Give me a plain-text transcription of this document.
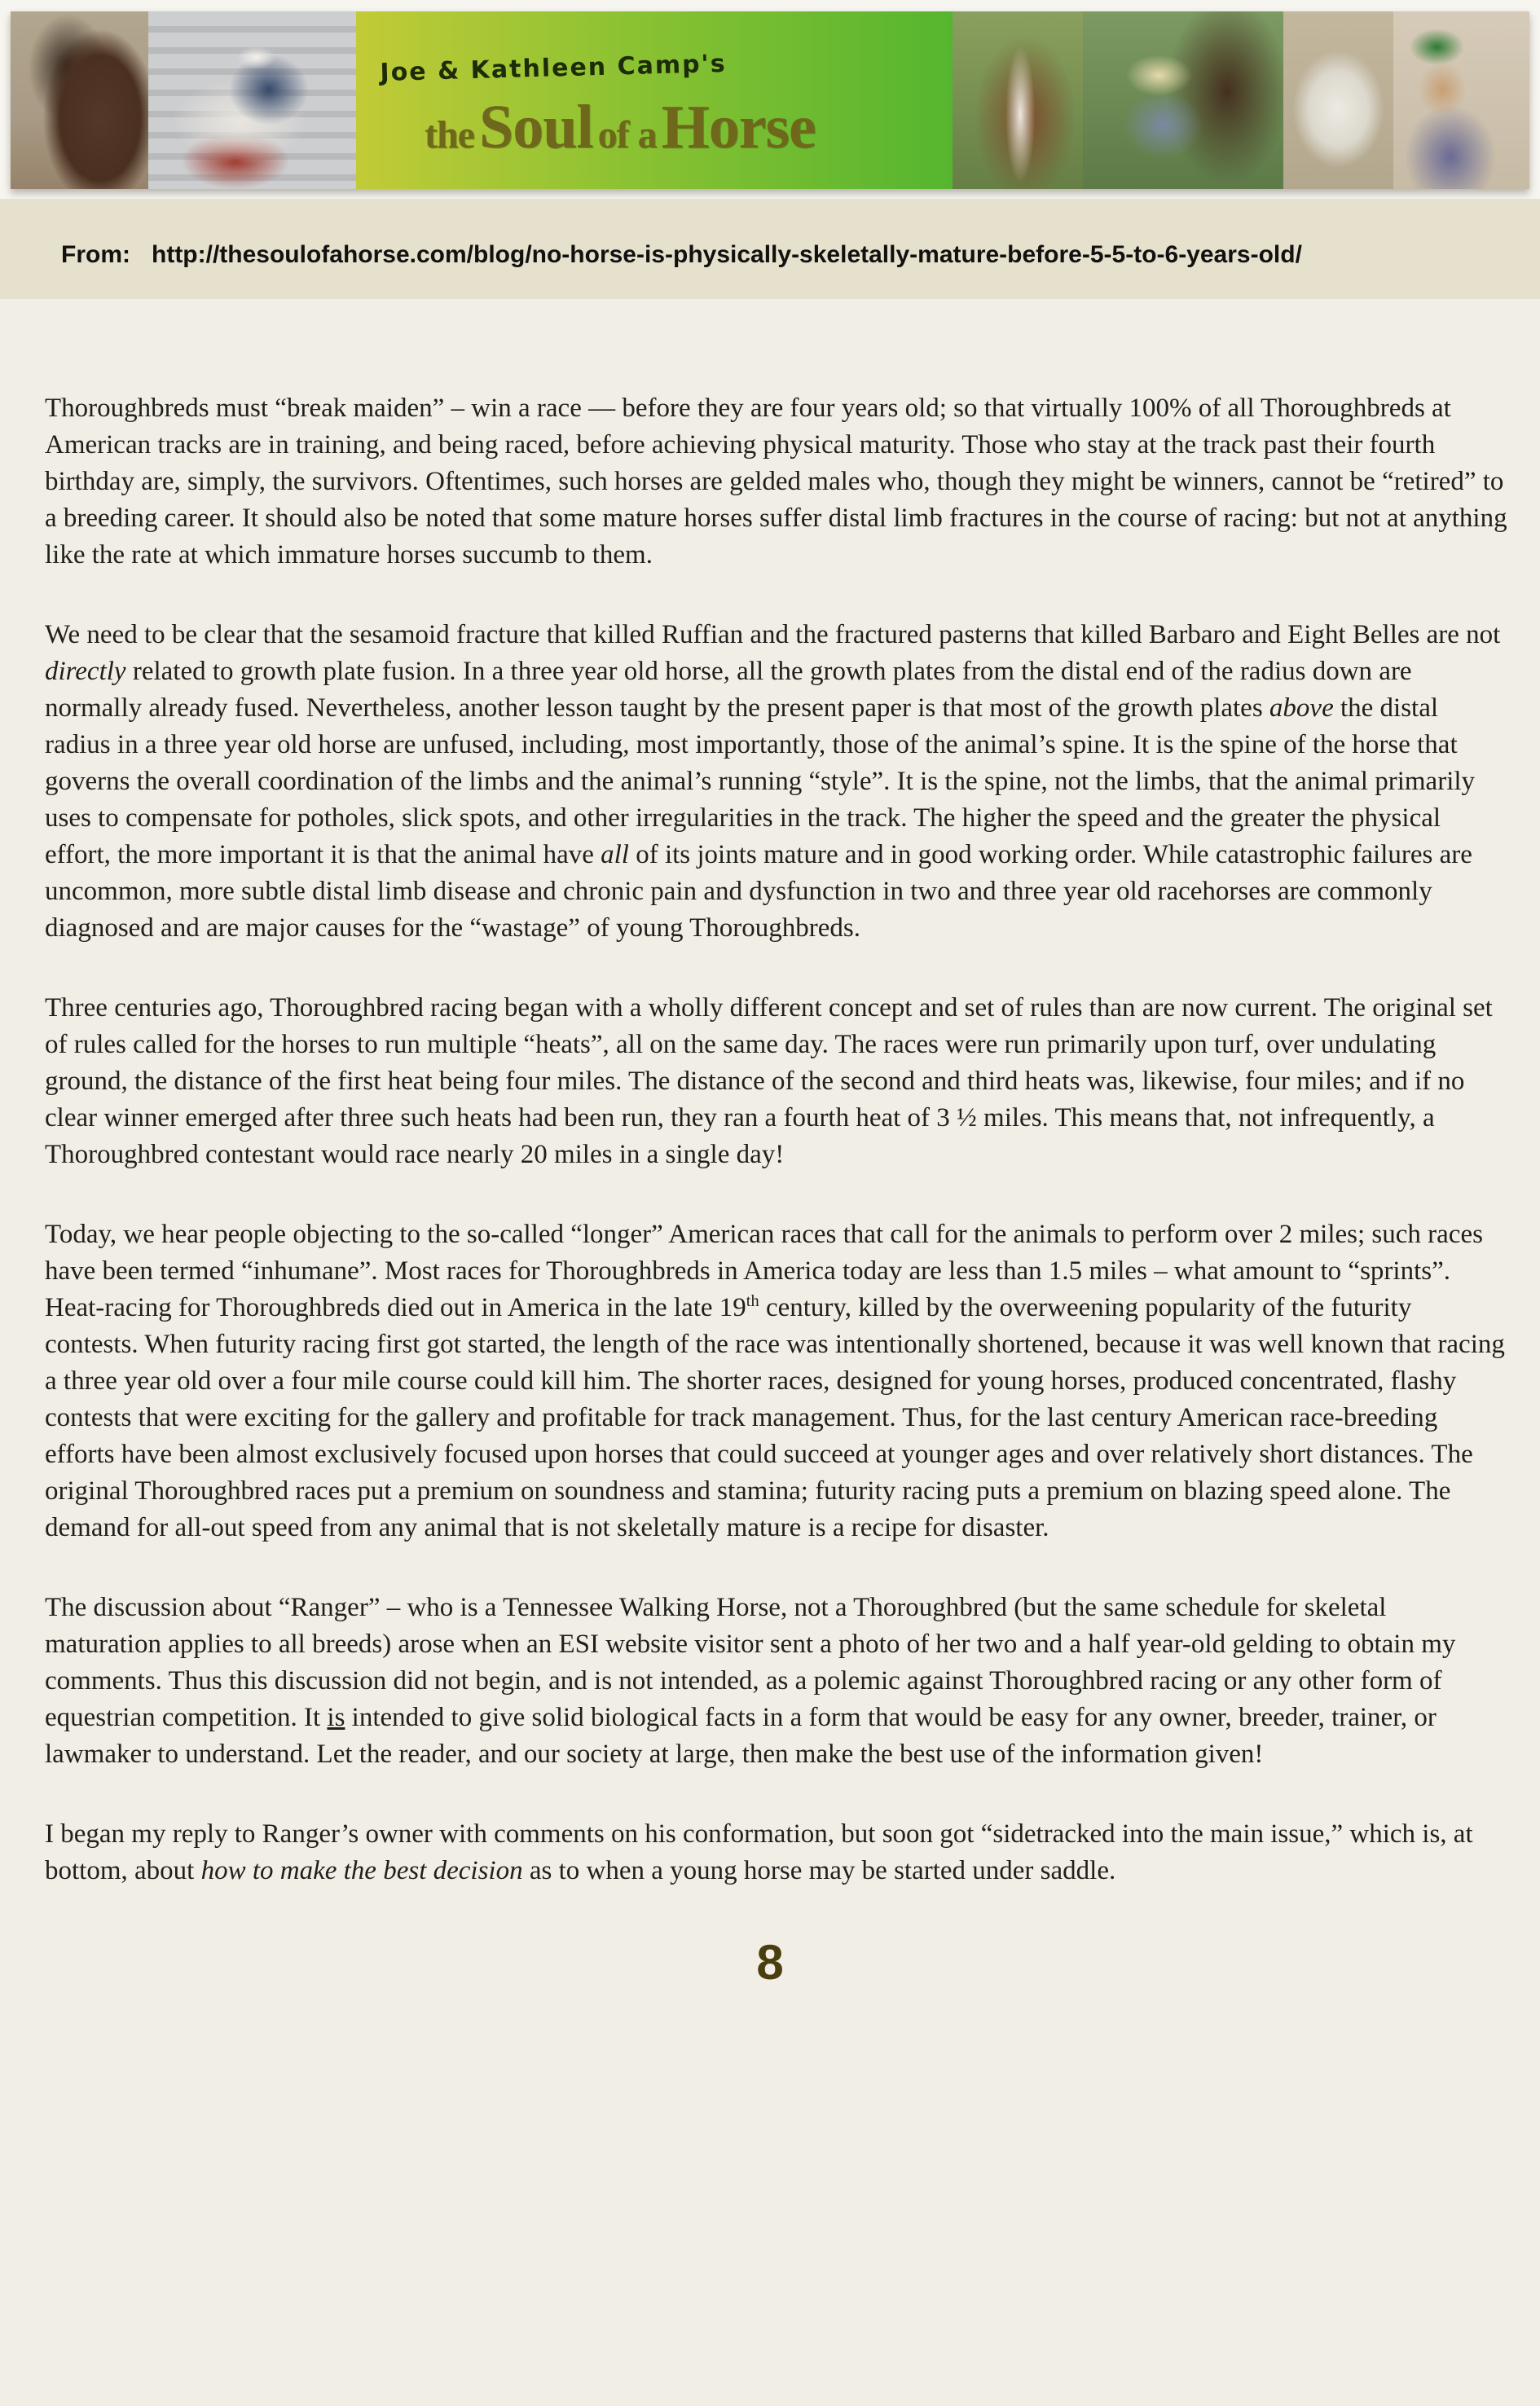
Joe & Kathleen Camp's
theSoul of aHorse
From: http://thesoulofahorse.com/blog/no-horse-is-physically-skeletally-mature-before-5-5-to-6-years-old/

Thoroughbreds must “break maiden” – win a race — before they are four years old; so that virtually 100% of all Thoroughbreds at American tracks are in training, and being raced, before achieving physical maturity. Those who stay at the track past their fourth birthday are, simply, the survivors. Oftentimes, such horses are gelded males who, though they might be winners, cannot be “retired” to a breeding career. It should also be noted that some mature horses suffer distal limb fractures in the course of racing: but not at anything like the rate at which immature horses succumb to them.

We need to be clear that the sesamoid fracture that killed Ruffian and the fractured pasterns that killed Barbaro and Eight Belles are not directly related to growth plate fusion. In a three year old horse, all the growth plates from the distal end of the radius down are normally already fused. Nevertheless, another lesson taught by the present paper is that most of the growth plates above the distal radius in a three year old horse are unfused, including, most importantly, those of the animal’s spine. It is the spine of the horse that governs the overall coordination of the limbs and the animal’s running “style”. It is the spine, not the limbs, that the animal primarily uses to compensate for potholes, slick spots, and other irregularities in the track. The higher the speed and the greater the physical effort, the more important it is that the animal have all of its joints mature and in good working order. While catastrophic failures are uncommon, more subtle distal limb disease and chronic pain and dysfunction in two and three year old racehorses are commonly diagnosed and are major causes for the “wastage” of young Thoroughbreds.

Three centuries ago, Thoroughbred racing began with a wholly different concept and set of rules than are now current. The original set of rules called for the horses to run multiple “heats”, all on the same day. The races were run primarily upon turf, over undulating ground, the distance of the first heat being four miles. The distance of the second and third heats was, likewise, four miles; and if no clear winner emerged after three such heats had been run, they ran a fourth heat of 3 ½ miles. This means that, not infrequently, a Thoroughbred contestant would race nearly 20 miles in a single day!

Today, we hear people objecting to the so-called “longer” American races that call for the animals to perform over 2 miles; such races have been termed “inhumane”. Most races for Thoroughbreds in America today are less than 1.5 miles – what amount to “sprints”. Heat-racing for Thoroughbreds died out in America in the late 19th century, killed by the overweening popularity of the futurity contests. When futurity racing first got started, the length of the race was intentionally shortened, because it was well known that racing a three year old over a four mile course could kill him. The shorter races, designed for young horses, produced concentrated, flashy contests that were exciting for the gallery and profitable for track management. Thus, for the last century American race-breeding efforts have been almost exclusively focused upon horses that could succeed at younger ages and over relatively short distances. The original Thoroughbred races put a premium on soundness and stamina; futurity racing puts a premium on blazing speed alone. The demand for all-out speed from any animal that is not skeletally mature is a recipe for disaster.

The discussion about “Ranger” – who is a Tennessee Walking Horse, not a Thoroughbred (but the same schedule for skeletal maturation applies to all breeds) arose when an ESI website visitor sent a photo of her two and a half year-old gelding to obtain my comments. Thus this discussion did not begin, and is not intended, as a polemic against Thoroughbred racing or any other form of equestrian competition. It is intended to give solid biological facts in a form that would be easy for any owner, breeder, trainer, or lawmaker to understand. Let the reader, and our society at large, then make the best use of the information given!

I began my reply to Ranger’s owner with comments on his conformation, but soon got “sidetracked into the main issue,” which is, at bottom, about how to make the best decision as to when a young horse may be started under saddle.

8
